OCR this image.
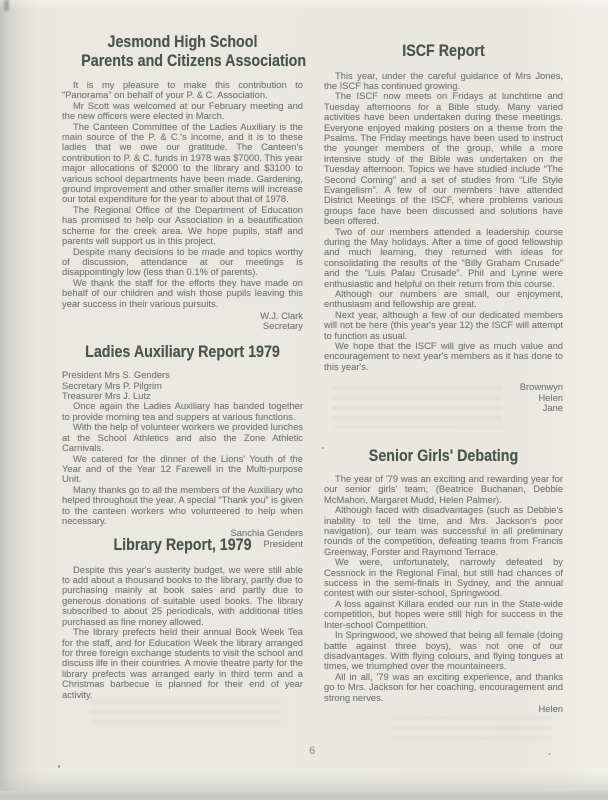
Jesmond High School
Parents and Citizens Association

It is my pleasure to make this contribution to “Panorama” on behalf of your P. & C. Association.

Mr Scott was welcomed at our February meeting and the new officers were elected in March.

The Canteen Committee of the Ladies Auxiliary is the main source of the P. & C.'s income, and it is to these ladies that we owe our gratitude. The Canteen's contribution to P. & C. funds in 1978 was $7000. This year major allocations of $2000 to the library and $3100 to various school departments have been made. Gardening, ground improvement and other smaller items will increase our total expenditure for the year to about that of 1978.

The Regional Office of the Department of Education has promised to help our Association in a beautification scheme for the creek area. We hope pupils, staff and parents will support us in this project.

Despite many decisions to be made and topics worthy of discussion, attendance at our meetings is disappointingly low (less than 0.1% of parents).

We thank the staff for the efforts they have made on behalf of our children and wish those pupils leaving this year success in their various pursuits.

W.J. Clark
Secretary
Ladies Auxiliary Report 1979
President Mrs S. Genders
Secretary Mrs P. Pilgrim
Treasurer Mrs J. Lutz

Once again the Ladies Auxiliary has banded together to provide morning tea and suppers at various functions.

With the help of volunteer workers we provided lunches at the School Athletics and also the Zone Athletic Carnivals.

We catered for the dinner of the Lions' Youth of the Year and of the Year 12 Farewell in the Multi-purpose Unit.

Many thanks go to all the members of the Auxiliary who helped throughout the year. A special “Thank you” is given to the canteen workers who volunteered to help when necessary.

Sanchia Genders
President
Library Report, 1979

Despite this year's austerity budget, we were still able to add about a thousand books to the library, partly due to purchasing mainly at book sales and partly due to generous donations of suitable used books. The library subscribed to about 25 periodicals, with additional titles purchased as fine money allowed.

The library prefects held their annual Book Week Tea for the staff, and for Education Week the library arranged for three foreign exchange students to visit the school and discuss life in their countries. A movie theatre party for the library prefects was arranged early in third term and a Christmas barbecue is planned for their end of year activity.

ISCF Report

This year, under the careful guidance of Mrs Jones, the ISCF has continued growing.

The ISCF now meets on Fridays at lunchtime and Tuesday afternoons for a Bible study. Many varied activities have been undertaken during these meetings. Everyone enjoyed making posters on a theme from the Psalms. The Friday meetings have been used to instruct the younger members of the group, while a more intensive study of the Bible was undertaken on the Tuesday afternoon. Topics we have studied include “The Second Coming” and a set of studies from “Life Style Evangelism”. A few of our members have attended District Meetings of the ISCF, where problems various groups face have been discussed and solutions have been offered.

Two of our members attended a leadership course during the May holidays. After a time of good fellowship and much learning, they returned with ideas for consolidating the results of the “Billy Graham Crusade” and the “Luis Palau Crusade”. Phil and Lynne were enthusiastic and helpful on their return from this course.

Although our numbers are small, our enjoyment, enthusiasm and fellowship are great.

Next year, although a few of our dedicated members will not be here (this year's year 12) the ISCF will attempt to function as usual.

We hope that the ISCF will give as much value and encouragement to next year's members as it has done to this year's.

Brownwyn
Helen
Jane
Senior Girls' Debating

The year of '79 was an exciting and rewarding year for our senior girls' team, (Beatrice Buchanan, Debbie McMahon, Margaret Mudd, Helen Palmer).

Although faced with disadvantages (such as Debbie's inability to tell the time, and Mrs. Jackson's poor navigation), our team was successful in all preliminary rounds of the competition, defeating teams from Francis Greenway, Forster and Raymond Terrace.

We were, unfortunately, narrowly defeated by Cessnock in the Regional Final, but still had chances of success in the semi-finals in Sydney, and the annual contest with our sister-school, Springwood.

A loss against Killara ended our run in the State-wide competition, but hopes were still high for success in the Inter-school Competition.

In Springwood, we showed that being all female (doing battle against three boys), was not one of our disadvantages. With flying colours, and flying tongues at times, we triumphed over the mountaineers.

All in all, '79 was an exciting experience, and thanks go to Mrs. Jackson for her coaching, encouragement and strong nerves.

Helen
6
